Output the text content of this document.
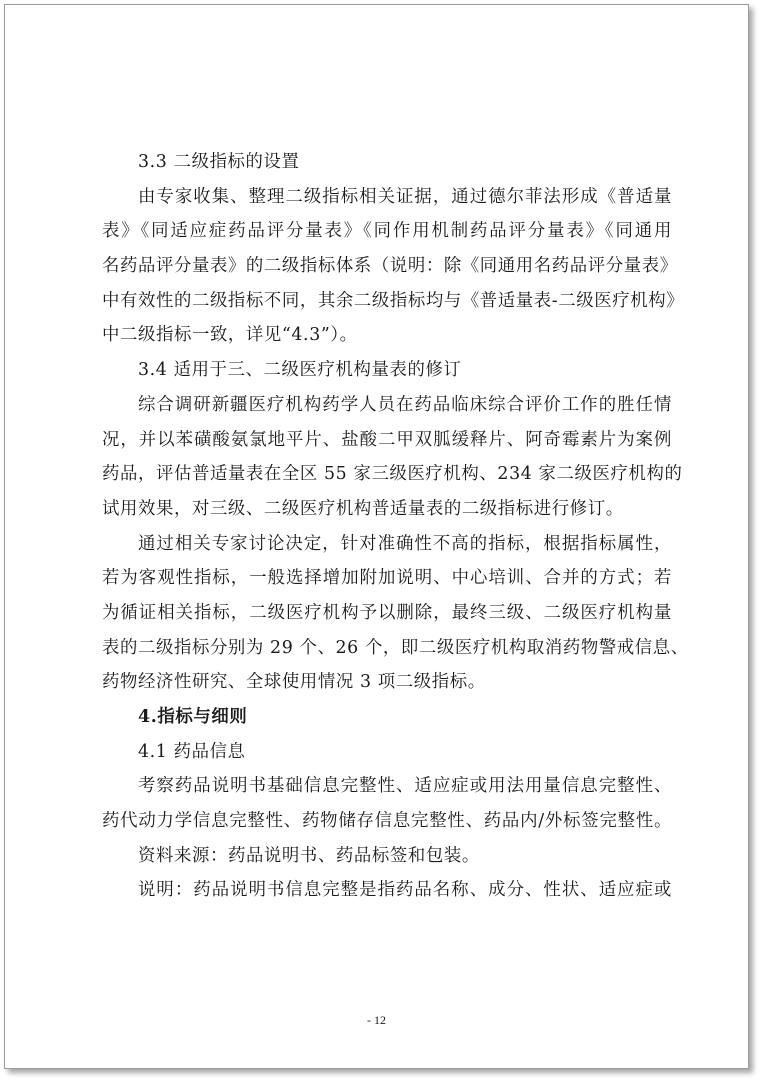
3.3 二级指标的设置
由专家收集、整理二级指标相关证据，通过德尔菲法形成《普适量
表》《同适应症药品评分量表》《同作用机制药品评分量表》《同通用
名药品评分量表》的二级指标体系（说明：除《同通用名药品评分量表》
中有效性的二级指标不同，其余二级指标均与《普适量表-二级医疗机构》
中二级指标一致，详见“4.3”）。
3.4 适用于三、二级医疗机构量表的修订
综合调研新疆医疗机构药学人员在药品临床综合评价工作的胜任情
况，并以苯磺酸氨氯地平片、盐酸二甲双胍缓释片、阿奇霉素片为案例
药品，评估普适量表在全区 55 家三级医疗机构、234 家二级医疗机构的
试用效果，对三级、二级医疗机构普适量表的二级指标进行修订。
通过相关专家讨论决定，针对准确性不高的指标，根据指标属性，
若为客观性指标，一般选择增加附加说明、中心培训、合并的方式；若
为循证相关指标，二级医疗机构予以删除，最终三级、二级医疗机构量
表的二级指标分别为 29 个、26 个，即二级医疗机构取消药物警戒信息、
药物经济性研究、全球使用情况 3 项二级指标。
4.指标与细则
4.1 药品信息
考察药品说明书基础信息完整性、适应症或用法用量信息完整性、
药代动力学信息完整性、药物储存信息完整性、药品内/外标签完整性。
资料来源：药品说明书、药品标签和包装。
说明：药品说明书信息完整是指药品名称、成分、性状、适应症或
- 12
